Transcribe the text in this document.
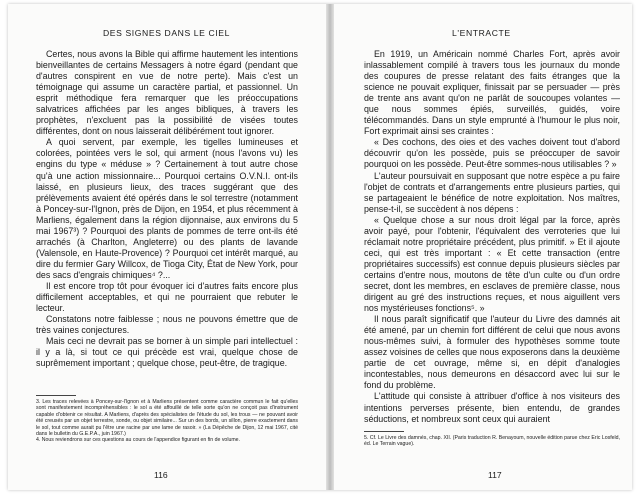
DES SIGNES DANS LE CIEL

Certes, nous avons la Bible qui affirme hautement les intentions bienveillantes de certains Messagers à notre égard (pendant que d'autres conspirent en vue de notre perte). Mais c'est un témoignage qui assume un caractère partial, et passionnel. Un esprit méthodique fera remarquer que les préoccupations salvatrices affichées par les anges bibliques, à travers les prophètes, n'excluent pas la possibilité de visées toutes différentes, dont on nous laisserait délibérément tout ignorer.

A quoi servent, par exemple, les tigelles lumineuses et colorées, pointées vers le sol, qui arment (nous l'avons vu) les engins du type « méduse » ? Certainement à tout autre chose qu'à une action missionnaire... Pourquoi certains O.V.N.I. ont-ils laissé, en plusieurs lieux, des traces suggérant que des prélèvements avaient été opérés dans le sol terrestre (notamment à Poncey-sur-l'Ignon, près de Dijon, en 1954, et plus récemment à Marliens, également dans la région dijonnaise, aux environs du 5 mai 1967³) ? Pourquoi des plants de pommes de terre ont-ils été arrachés (à Charlton, Angleterre) ou des plants de lavande (Valensole, en Haute-Provence) ? Pourquoi cet intérêt marqué, au dire du fermier Gary Willcox, de Tioga City, État de New York, pour des sacs d'engrais chimiques⁴ ?...

Il est encore trop tôt pour évoquer ici d'autres faits encore plus difficilement acceptables, et qui ne pourraient que rebuter le lecteur.

Constatons notre faiblesse ; nous ne pouvons émettre que de très vaines conjectures.

Mais ceci ne devrait pas se borner à un simple pari intellectuel : il y a là, si tout ce qui précède est vrai, quelque chose de suprêmement important ; quelque chose, peut-être, de tragique.

3. Les traces relevées à Poncey-sur-l'Ignon et à Marliens présentent comme caractère commun le fait qu'elles sont manifestement incompréhensibles : le sol a été affouillé de telle sorte qu'on ne conçoit pas d'instrument capable d'obtenir ce résultat. A Marliens, d'après des spécialistes de l'étude du sol, les trous — ne pouvant avoir été creusés par un objet terrestre, sonde, ou objet similaire... Sur un des bords, un sillon, pierre exactement dans le sol, tout comme aurait pu l'être une racine par une lame de rasoir. » (La Dépêche de Dijon, 12 mai 1967, cité dans le bulletin du G.E.P.A., juin 1967.)

4. Nous reviendrons sur ces questions au cours de l'appendice figurant en fin de volume.

116
L'ENTRACTE

En 1919, un Américain nommé Charles Fort, après avoir inlassablement compilé à travers tous les journaux du monde des coupures de presse relatant des faits étranges que la science ne pouvait expliquer, finissait par se persuader — près de trente ans avant qu'on ne parlât de soucoupes volantes — que nous sommes épiés, surveillés, guidés, voire télécommandés. Dans un style emprunté à l'humour le plus noir, Fort exprimait ainsi ses craintes :

« Des cochons, des oies et des vaches doivent tout d'abord découvrir qu'on les possède, puis se préoccuper de savoir pourquoi on les possède. Peut-être sommes-nous utilisables ? »

L'auteur poursuivait en supposant que notre espèce a pu faire l'objet de contrats et d'arrangements entre plusieurs parties, qui se partageaient le bénéfice de notre exploitation. Nos maîtres, pense-t-il, se succèdent à nos dépens :

« Quelque chose a sur nous droit légal par la force, après avoir payé, pour l'obtenir, l'équivalent des verroteries que lui réclamait notre propriétaire précédent, plus primitif. » Et il ajoute ceci, qui est très important : « Et cette transaction (entre propriétaires successifs) est connue depuis plusieurs siècles par certains d'entre nous, moutons de tête d'un culte ou d'un ordre secret, dont les membres, en esclaves de première classe, nous dirigent au gré des instructions reçues, et nous aiguillent vers nos mystérieuses fonctions⁵. »

Il nous paraît significatif que l'auteur du Livre des damnés ait été amené, par un chemin fort différent de celui que nous avons nous-mêmes suivi, à formuler des hypothèses somme toute assez voisines de celles que nous exposerons dans la deuxième partie de cet ouvrage, même si, en dépit d'analogies incontestables, nous demeurons en désaccord avec lui sur le fond du problème.

L'attitude qui consiste à attribuer d'office à nos visiteurs des intentions perverses présente, bien entendu, de grandes séductions, et nombreux sont ceux qui auraient

5. Cf. Le Livre des damnés, chap. XII. (Paris traduction R. Benayoum, nouvelle édition parue chez Eric Losfeld, éd. Le Terrain vague).

117
